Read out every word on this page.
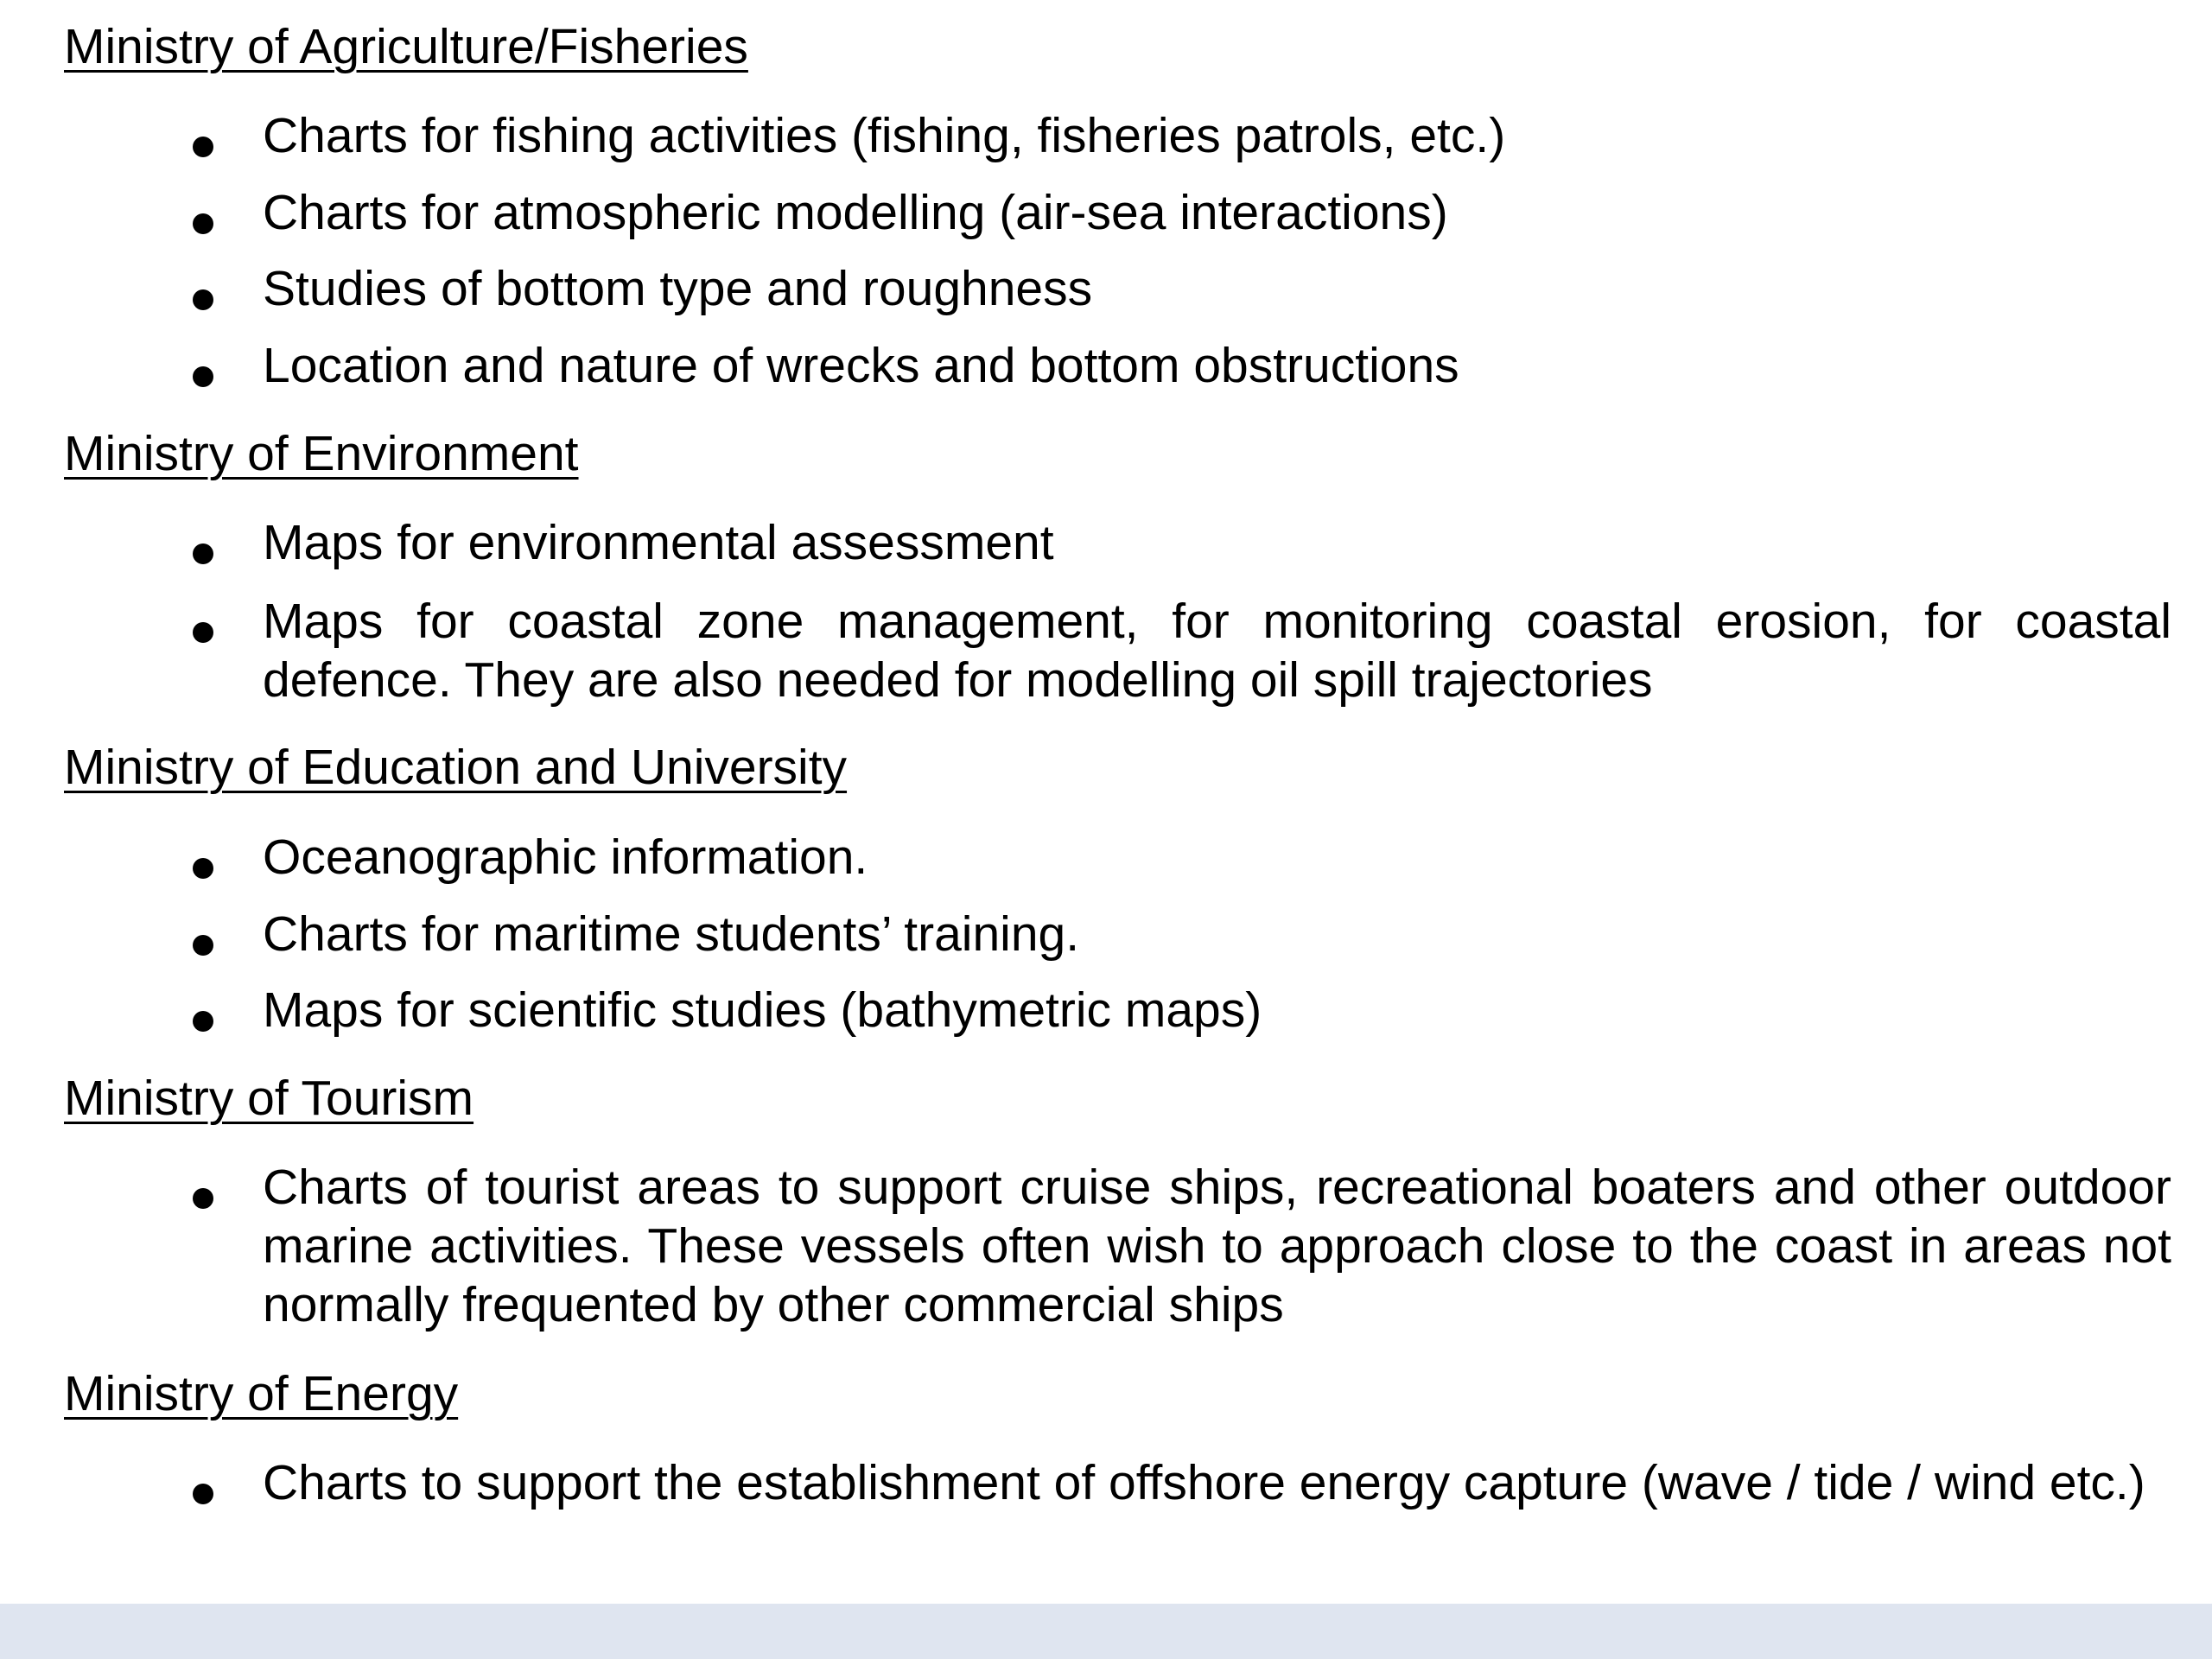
Ministry of Agriculture/Fisheries

Charts for fishing activities (fishing, fisheries patrols, etc.)

Charts for atmospheric modelling (air-sea interactions)

Studies of bottom type and roughness

Location and nature of wrecks and bottom obstructions

Ministry of Environment

Maps for environmental assessment

Maps for coastal zone management, for monitoring coastal erosion, for coastal defence. They are also needed for modelling oil spill trajectories

Ministry of Education and University

Oceanographic information.

Charts for maritime students’ training.

Maps for scientific studies (bathymetric maps)

Ministry of Tourism

Charts of tourist areas to support cruise ships, recreational boaters and other outdoor marine activities. These vessels often wish to approach close to the coast in areas not normally frequented by other commercial ships

Ministry of Energy

Charts to support the establishment of offshore energy capture (wave / tide / wind etc.)
